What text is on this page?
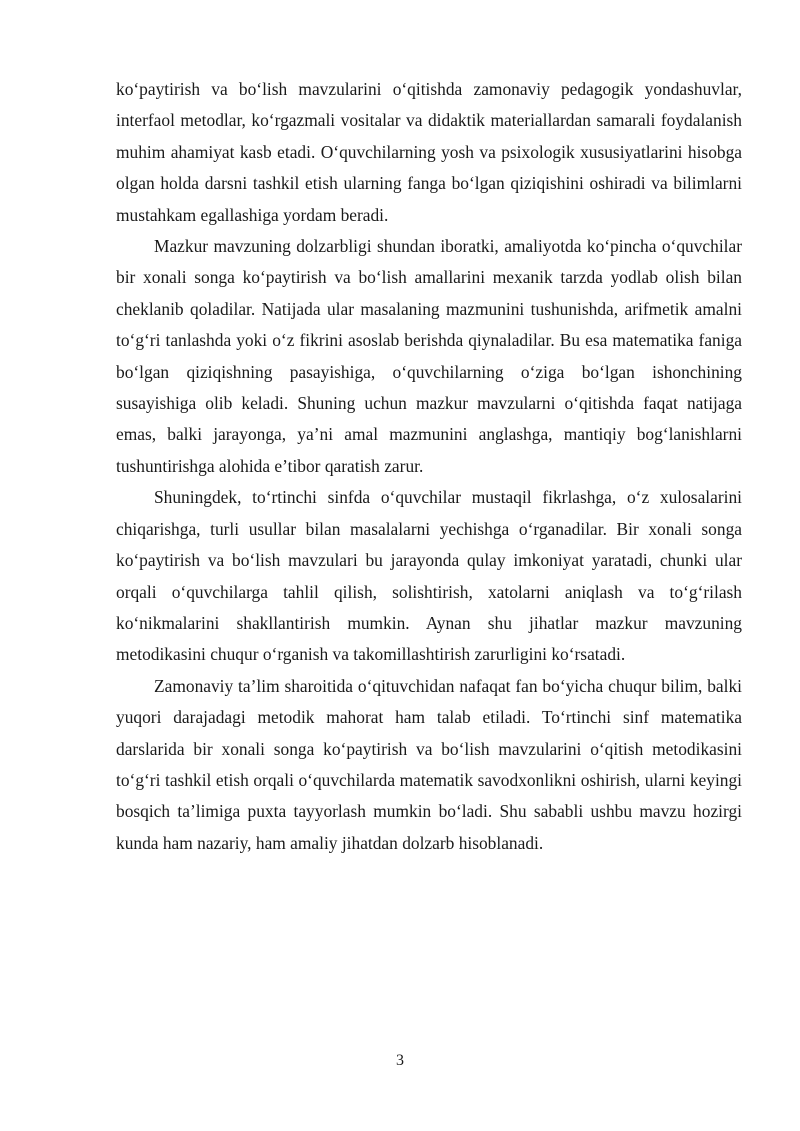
ko‘paytirish va bo‘lish mavzularini o‘qitishda zamonaviy pedagogik yondashuvlar, interfaol metodlar, ko‘rgazmali vositalar va didaktik materiallardan samarali foydalanish muhim ahamiyat kasb etadi. O‘quvchilarning yosh va psixologik xususiyatlarini hisobga olgan holda darsni tashkil etish ularning fanga bo‘lgan qiziqishini oshiradi va bilimlarni mustahkam egallashiga yordam beradi.

Mazkur mavzuning dolzarbligi shundan iboratki, amaliyotda ko‘pincha o‘quvchilar bir xonali songa ko‘paytirish va bo‘lish amallarini mexanik tarzda yodlab olish bilan cheklanib qoladilar. Natijada ular masalaning mazmunini tushunishda, arifmetik amalni to‘g‘ri tanlashda yoki o‘z fikrini asoslab berishda qiynaladilar. Bu esa matematika faniga bo‘lgan qiziqishning pasayishiga, o‘quvchilarning o‘ziga bo‘lgan ishonchining susayishiga olib keladi. Shuning uchun mazkur mavzularni o‘qitishda faqat natijaga emas, balki jarayonga, ya’ni amal mazmunini anglashga, mantiqiy bog‘lanishlarni tushuntirishga alohida e’tibor qaratish zarur.

Shuningdek, to‘rtinchi sinfda o‘quvchilar mustaqil fikrlashga, o‘z xulosalarini chiqarishga, turli usullar bilan masalalarni yechishga o‘rganadilar. Bir xonali songa ko‘paytirish va bo‘lish mavzulari bu jarayonda qulay imkoniyat yaratadi, chunki ular orqali o‘quvchilarga tahlil qilish, solishtirish, xatolarni aniqlash va to‘g‘rilash ko‘nikmalarini shakllantirish mumkin. Aynan shu jihatlar mazkur mavzuning metodikasini chuqur o‘rganish va takomillashtirish zarurligini ko‘rsatadi.

Zamonaviy ta’lim sharoitida o‘qituvchidan nafaqat fan bo‘yicha chuqur bilim, balki yuqori darajadagi metodik mahorat ham talab etiladi. To‘rtinchi sinf matematika darslarida bir xonali songa ko‘paytirish va bo‘lish mavzularini o‘qitish metodikasini to‘g‘ri tashkil etish orqali o‘quvchilarda matematik savodxonlikni oshirish, ularni keyingi bosqich ta’limiga puxta tayyorlash mumkin bo‘ladi. Shu sababli ushbu mavzu hozirgi kunda ham nazariy, ham amaliy jihatdan dolzarb hisoblanadi.

3
